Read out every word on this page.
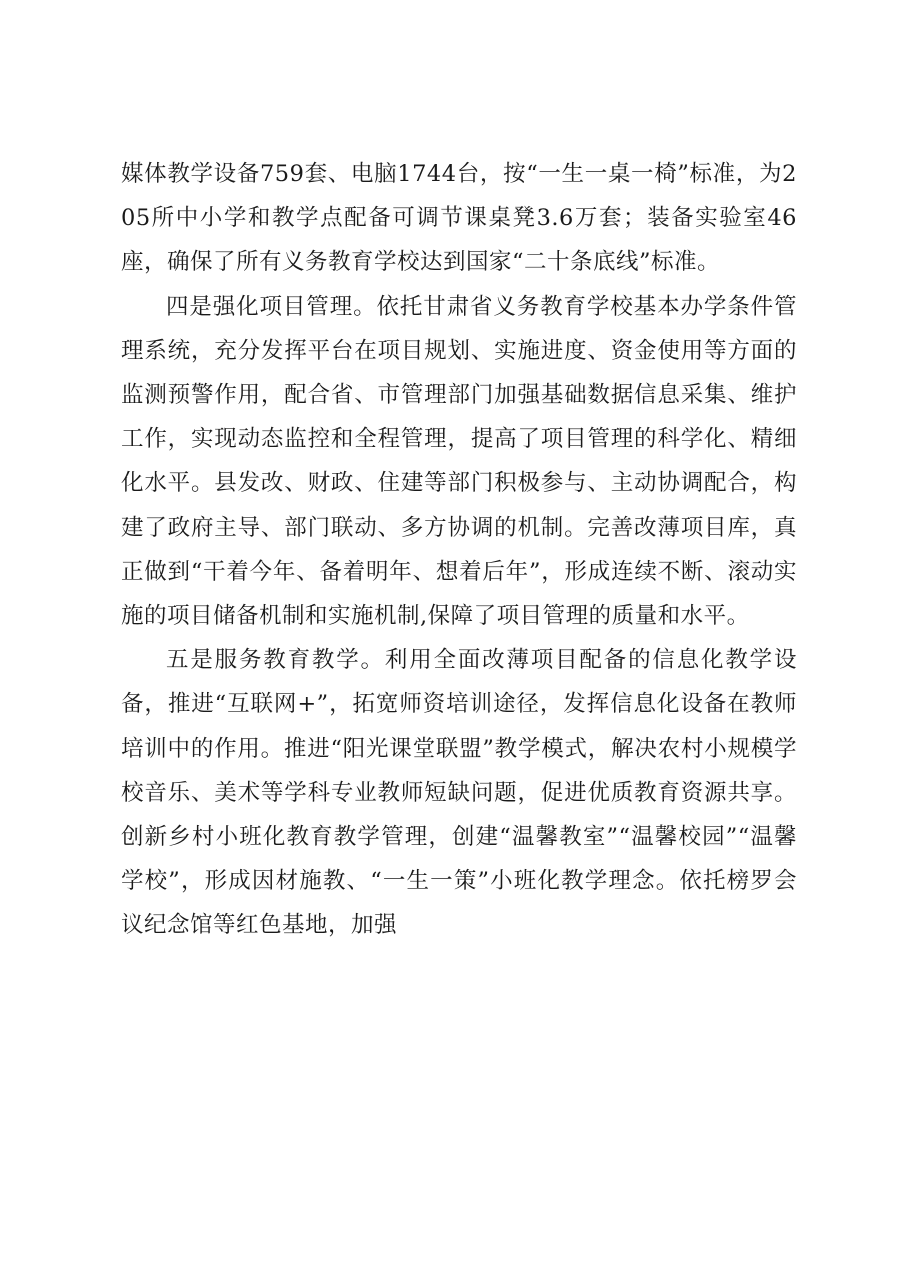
媒体教学设备759套、电脑1744台，按“一生一桌一椅”标准，为205所中小学和教学点配备可调节课桌凳3.6万套；装备实验室46座，确保了所有义务教育学校达到国家“二十条底线”标准。

四是强化项目管理。依托甘肃省义务教育学校基本办学条件管理系统，充分发挥平台在项目规划、实施进度、资金使用等方面的监测预警作用，配合省、市管理部门加强基础数据信息采集、维护工作，实现动态监控和全程管理，提高了项目管理的科学化、精细化水平。县发改、财政、住建等部门积极参与、主动协调配合，构建了政府主导、部门联动、多方协调的机制。完善改薄项目库，真正做到“干着今年、备着明年、想着后年”，形成连续不断、滚动实施的项目储备机制和实施机制,保障了项目管理的质量和水平。

五是服务教育教学。利用全面改薄项目配备的信息化教学设备，推进“互联网+”，拓宽师资培训途径，发挥信息化设备在教师培训中的作用。推进“阳光课堂联盟”教学模式，解决农村小规模学校音乐、美术等学科专业教师短缺问题，促进优质教育资源共享。创新乡村小班化教育教学管理，创建“温馨教室”“温馨校园”“温馨学校”，形成因材施教、“一生一策”小班化教学理念。依托榜罗会议纪念馆等红色基地，加强
